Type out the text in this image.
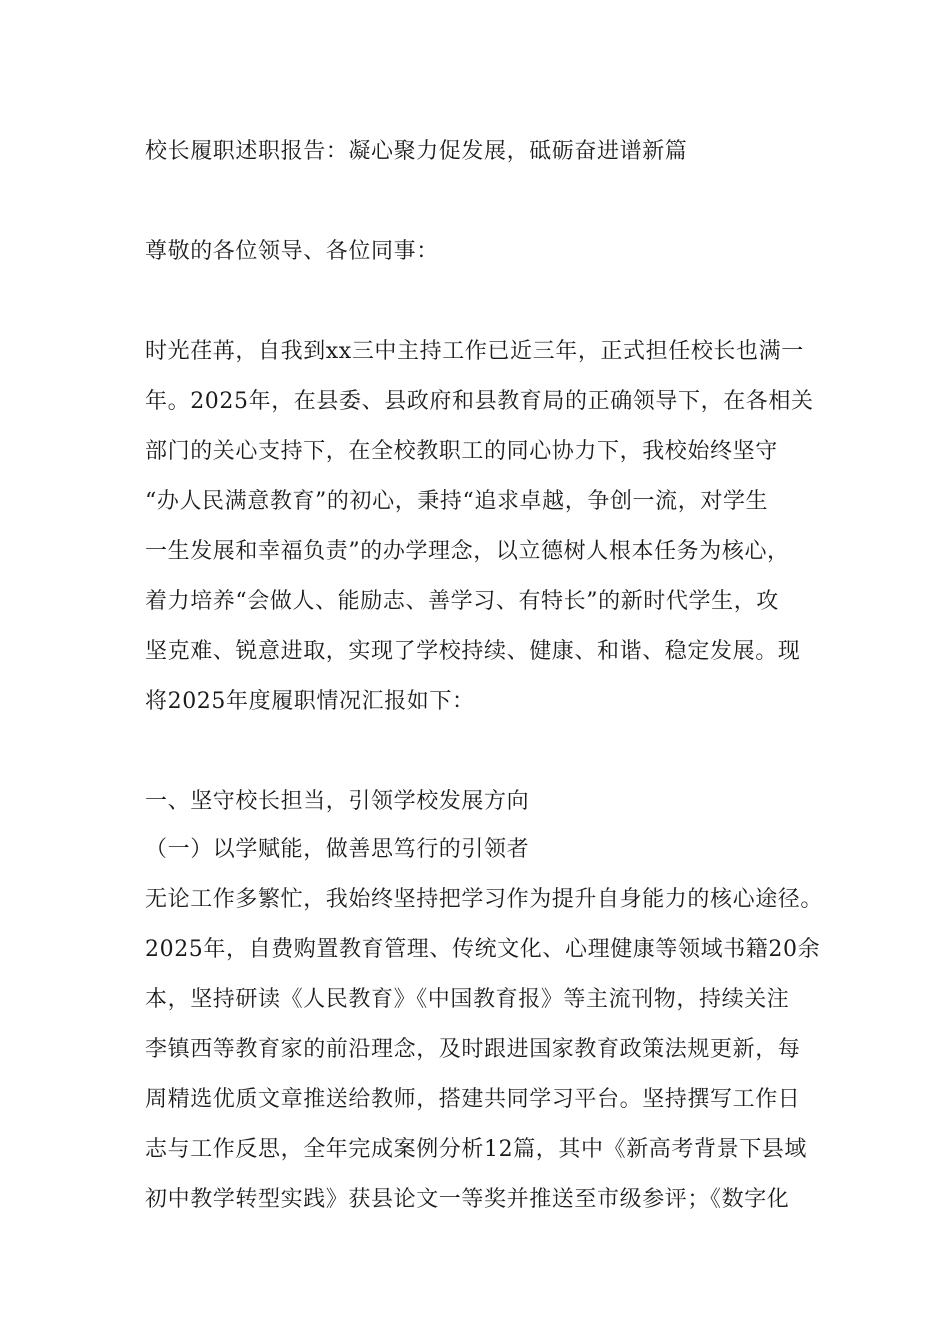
校长履职述职报告：凝心聚力促发展，砥砺奋进谱新篇
尊敬的各位领导、各位同事：
时光荏苒，自我到xx三中主持工作已近三年，正式担任校长也满一
年。2025年，在县委、县政府和县教育局的正确领导下，在各相关
部门的关心支持下，在全校教职工的同心协力下，我校始终坚守
“办人民满意教育”的初心，秉持“追求卓越，争创一流，对学生
一生发展和幸福负责”的办学理念，以立德树人根本任务为核心，
着力培养“会做人、能励志、善学习、有特长”的新时代学生，攻
坚克难、锐意进取，实现了学校持续、健康、和谐、稳定发展。现
将2025年度履职情况汇报如下：
一、坚守校长担当，引领学校发展方向
（一）以学赋能，做善思笃行的引领者
无论工作多繁忙，我始终坚持把学习作为提升自身能力的核心途径。
2025年，自费购置教育管理、传统文化、心理健康等领域书籍20余
本，坚持研读《人民教育》《中国教育报》等主流刊物，持续关注
李镇西等教育家的前沿理念，及时跟进国家教育政策法规更新，每
周精选优质文章推送给教师，搭建共同学习平台。坚持撰写工作日
志与工作反思，全年完成案例分析12篇，其中《新高考背景下县域
初中教学转型实践》获县论文一等奖并推送至市级参评；《数字化
